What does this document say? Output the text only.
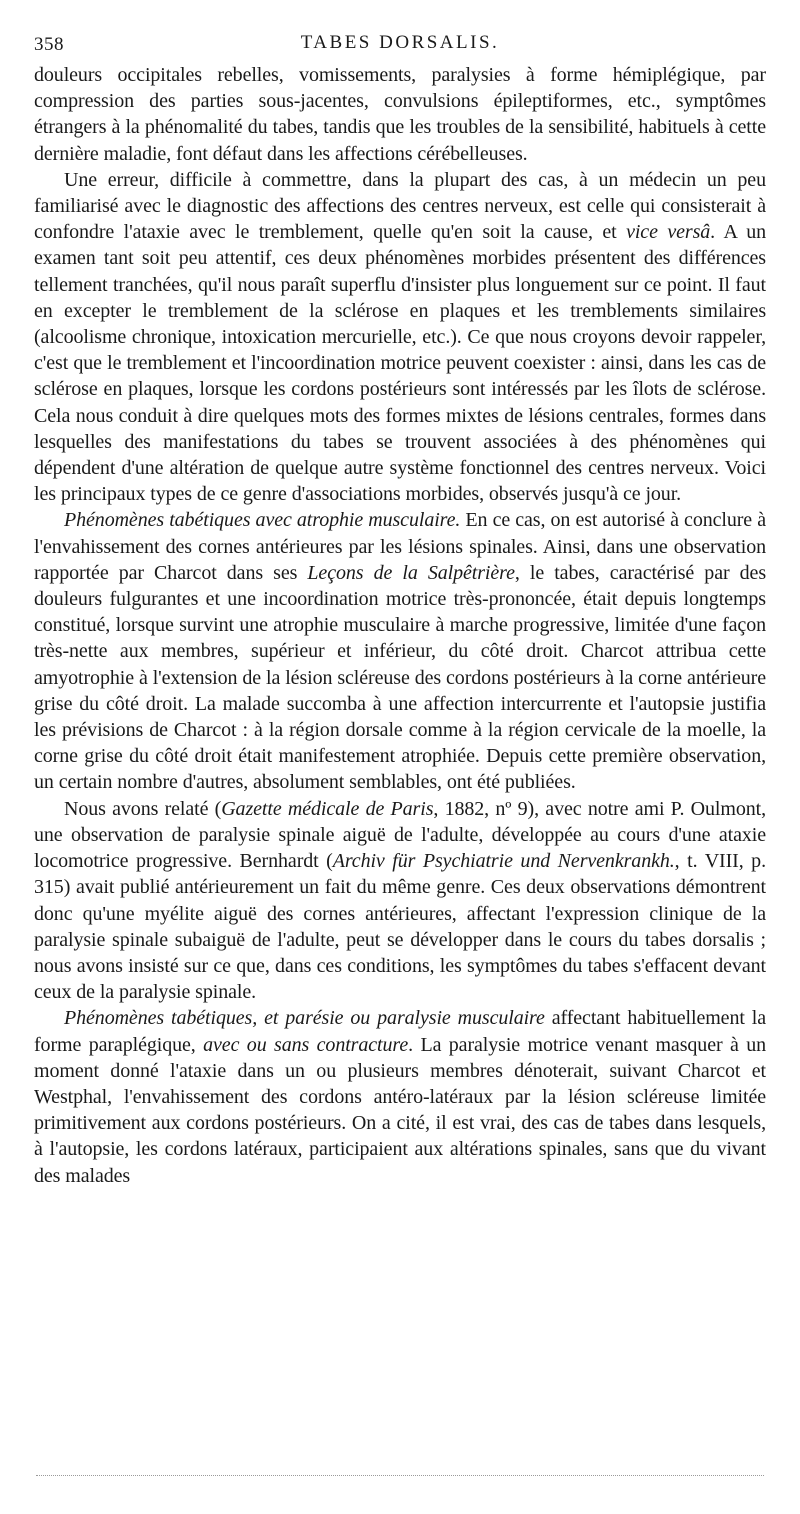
358	TABES DORSALIS.

douleurs occipitales rebelles, vomissements, paralysies à forme hémiplégique, par compression des parties sous-jacentes, convulsions épileptiformes, etc., symptômes étrangers à la phénomalité du tabes, tandis que les troubles de la sensibilité, habituels à cette dernière maladie, font défaut dans les affections cérébelleuses.

Une erreur, difficile à commettre, dans la plupart des cas, à un médecin un peu familiarisé avec le diagnostic des affections des centres nerveux, est celle qui consisterait à confondre l'ataxie avec le tremblement, quelle qu'en soit la cause, et vice versâ. A un examen tant soit peu attentif, ces deux phénomènes morbides présentent des différences tellement tranchées, qu'il nous paraît superflu d'insister plus longuement sur ce point. Il faut en excepter le tremblement de la sclérose en plaques et les tremblements similaires (alcoolisme chronique, intoxication mercurielle, etc.). Ce que nous croyons devoir rappeler, c'est que le tremblement et l'incoordination motrice peuvent coexister : ainsi, dans les cas de sclérose en plaques, lorsque les cordons postérieurs sont intéressés par les îlots de sclérose. Cela nous conduit à dire quelques mots des formes mixtes de lésions centrales, formes dans lesquelles des manifestations du tabes se trouvent associées à des phénomènes qui dépendent d'une altération de quelque autre système fonctionnel des centres nerveux. Voici les principaux types de ce genre d'associations morbides, observés jusqu'à ce jour.

Phénomènes tabétiques avec atrophie musculaire. En ce cas, on est autorisé à conclure à l'envahissement des cornes antérieures par les lésions spinales. Ainsi, dans une observation rapportée par Charcot dans ses Leçons de la Salpêtrière, le tabes, caractérisé par des douleurs fulgurantes et une incoordination motrice très-prononcée, était depuis longtemps constitué, lorsque survint une atrophie musculaire à marche progressive, limitée d'une façon très-nette aux membres, supérieur et inférieur, du côté droit. Charcot attribua cette amyotrophie à l'extension de la lésion scléreuse des cordons postérieurs à la corne antérieure grise du côté droit. La malade succomba à une affection intercurrente et l'autopsie justifia les prévisions de Charcot : à la région dorsale comme à la région cervicale de la moelle, la corne grise du côté droit était manifestement atrophiée. Depuis cette première observation, un certain nombre d'autres, absolument semblables, ont été publiées.

Nous avons relaté (Gazette médicale de Paris, 1882, nº 9), avec notre ami P. Oulmont, une observation de paralysie spinale aiguë de l'adulte, développée au cours d'une ataxie locomotrice progressive. Bernhardt (Archiv für Psychiatrie und Nervenkrankh., t. VIII, p. 315) avait publié antérieurement un fait du même genre. Ces deux observations démontrent donc qu'une myélite aiguë des cornes antérieures, affectant l'expression clinique de la paralysie spinale subaiguë de l'adulte, peut se développer dans le cours du tabes dorsalis ; nous avons insisté sur ce que, dans ces conditions, les symptômes du tabes s'effacent devant ceux de la paralysie spinale.

Phénomènes tabétiques, et parésie ou paralysie musculaire affectant habituellement la forme paraplégique, avec ou sans contracture. La paralysie motrice venant masquer à un moment donné l'ataxie dans un ou plusieurs membres dénoterait, suivant Charcot et Westphal, l'envahissement des cordons antéro-latéraux par la lésion scléreuse limitée primitivement aux cordons postérieurs. On a cité, il est vrai, des cas de tabes dans lesquels, à l'autopsie, les cordons latéraux, participaient aux altérations spinales, sans que du vivant des malades
